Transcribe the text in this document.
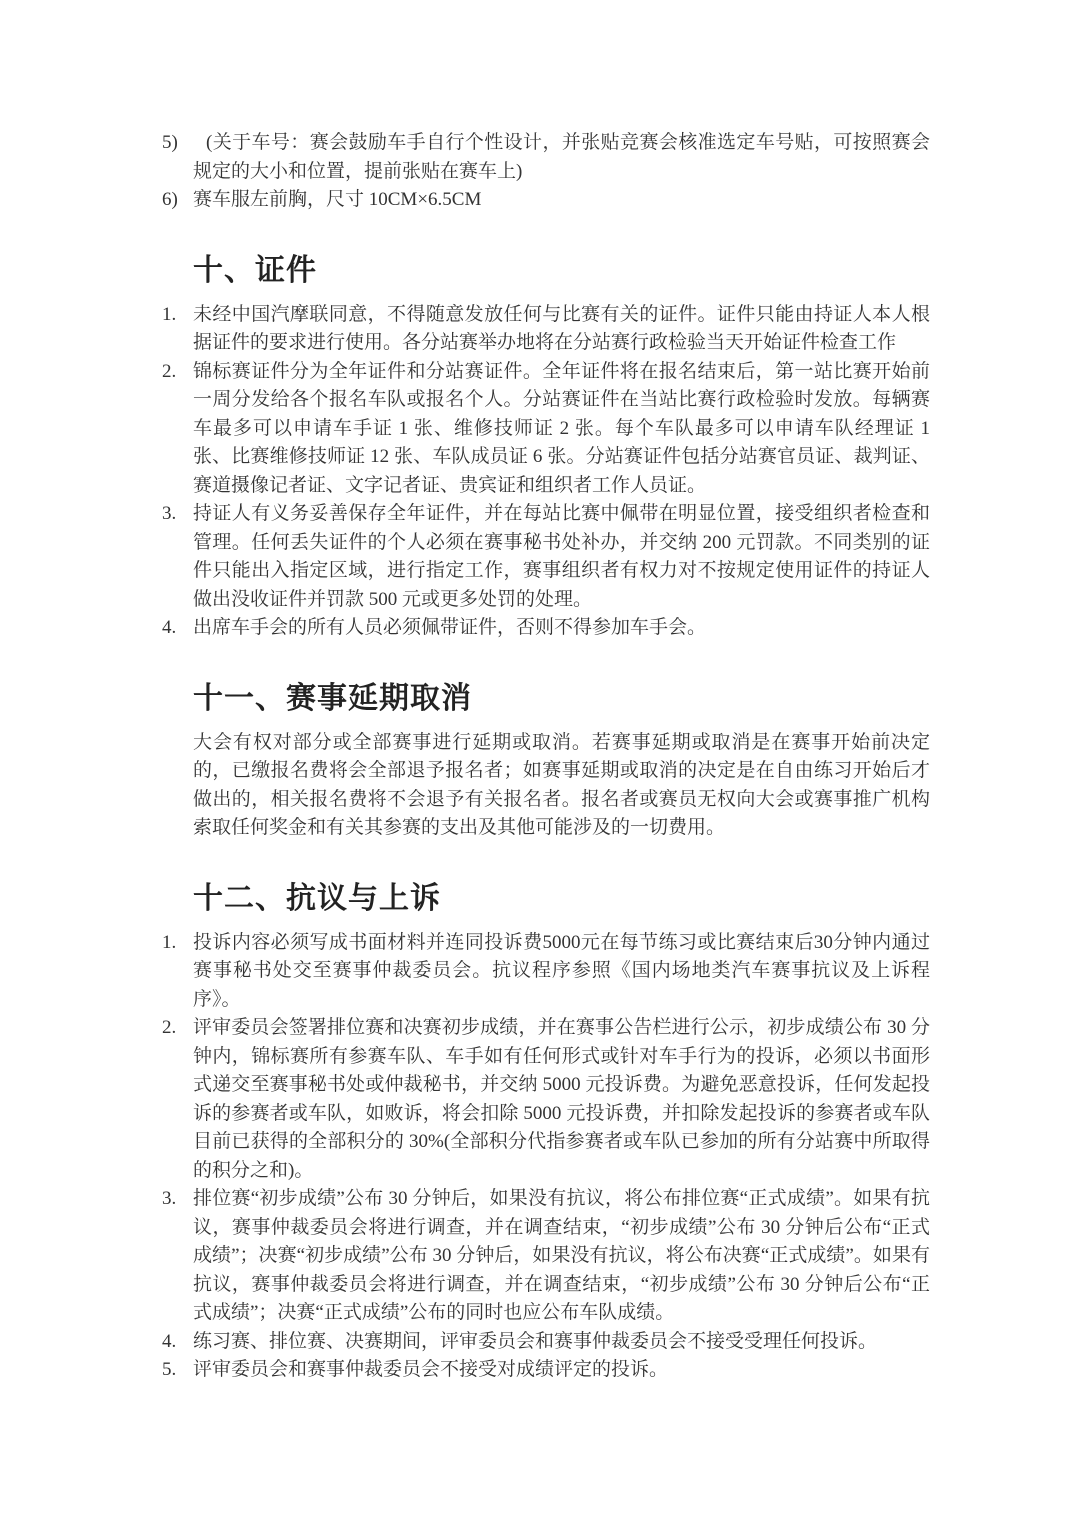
5)	(关于车号：赛会鼓励车手自行个性设计，并张贴竞赛会核准选定车号贴，可按照赛会规定的大小和位置，提前张贴在赛车上)

6) 赛车服左前胸，尺寸 10CM×6.5CM

十、证件
1. 未经中国汽摩联同意，不得随意发放任何与比赛有关的证件。证件只能由持证人本人根据证件的要求进行使用。各分站赛举办地将在分站赛行政检验当天开始证件检查工作

2. 锦标赛证件分为全年证件和分站赛证件。全年证件将在报名结束后，第一站比赛开始前一周分发给各个报名车队或报名个人。分站赛证件在当站比赛行政检验时发放。每辆赛车最多可以申请车手证 1 张、维修技师证 2 张。每个车队最多可以申请车队经理证 1 张、比赛维修技师证 12 张、车队成员证 6 张。分站赛证件包括分站赛官员证、裁判证、赛道摄像记者证、文字记者证、贵宾证和组织者工作人员证。

3. 持证人有义务妥善保存全年证件，并在每站比赛中佩带在明显位置，接受组织者检查和管理。任何丢失证件的个人必须在赛事秘书处补办，并交纳 200 元罚款。不同类别的证件只能出入指定区域，进行指定工作，赛事组织者有权力对不按规定使用证件的持证人做出没收证件并罚款 500 元或更多处罚的处理。

4. 出席车手会的所有人员必须佩带证件，否则不得参加车手会。

十一、赛事延期取消

大会有权对部分或全部赛事进行延期或取消。若赛事延期或取消是在赛事开始前决定的，已缴报名费将会全部退予报名者；如赛事延期或取消的决定是在自由练习开始后才做出的，相关报名费将不会退予有关报名者。报名者或赛员无权向大会或赛事推广机构索取任何奖金和有关其参赛的支出及其他可能涉及的一切费用。

十二、抗议与上诉
1. 投诉内容必须写成书面材料并连同投诉费5000元在每节练习或比赛结束后30分钟内通过赛事秘书处交至赛事仲裁委员会。抗议程序参照《国内场地类汽车赛事抗议及上诉程序》。

2. 评审委员会签署排位赛和决赛初步成绩，并在赛事公告栏进行公示，初步成绩公布 30 分钟内，锦标赛所有参赛车队、车手如有任何形式或针对车手行为的投诉，必须以书面形式递交至赛事秘书处或仲裁秘书，并交纳 5000 元投诉费。为避免恶意投诉，任何发起投诉的参赛者或车队，如败诉，将会扣除 5000 元投诉费，并扣除发起投诉的参赛者或车队目前已获得的全部积分的 30%(全部积分代指参赛者或车队已参加的所有分站赛中所取得的积分之和)。

3. 排位赛“初步成绩”公布 30 分钟后，如果没有抗议，将公布排位赛“正式成绩”。如果有抗议，赛事仲裁委员会将进行调查，并在调查结束，“初步成绩”公布 30 分钟后公布“正式成绩”；决赛“初步成绩”公布 30 分钟后，如果没有抗议，将公布决赛“正式成绩”。如果有抗议，赛事仲裁委员会将进行调查，并在调查结束，“初步成绩”公布 30 分钟后公布“正式成绩”；决赛“正式成绩”公布的同时也应公布车队成绩。

4. 练习赛、排位赛、决赛期间，评审委员会和赛事仲裁委员会不接受受理任何投诉。

5. 评审委员会和赛事仲裁委员会不接受对成绩评定的投诉。
